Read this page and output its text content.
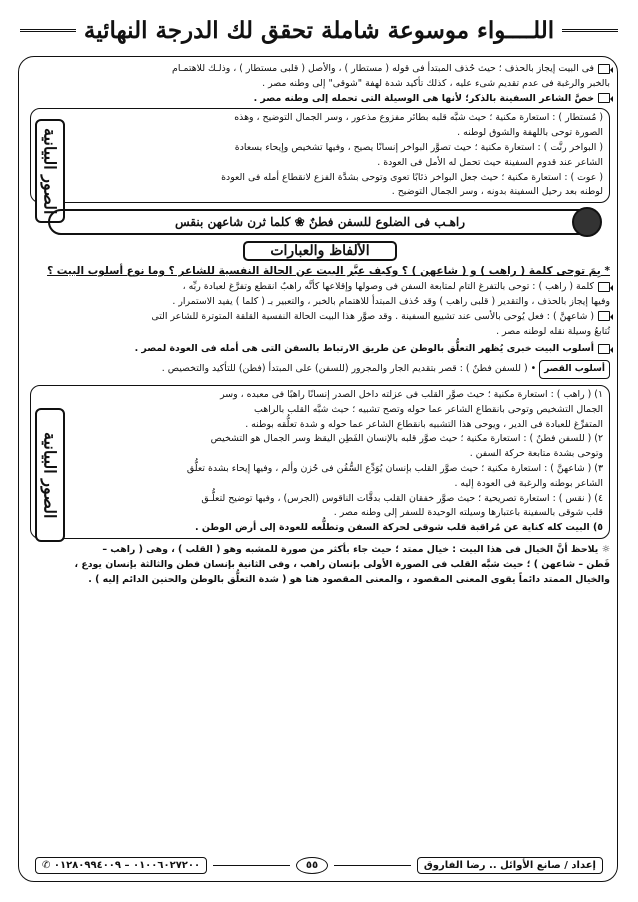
اللــــواء موسوعة شاملة تحقق لك الدرجة النهائية

فى البيت إيجاز بالحذف ؛ حيث حُذف المبتدأ فى قوله ( مستطار ) ، والأصل ( قلبى مستطار ) ، وذلـك للاهتمـام

بالخبر والرغبة فى عدم تقديم شىء عليه ، كذلك تأكيد شدة لهفة "شوقى" إلى وطنه مصر .

خصَّ الشاعر السفينة بالذكر؛ لأنها هى الوسيلة التى تحمله إلى وطنه مصر .

( مُستطار ) : استعارة مكنية ؛ حيث شبَّه قلبه بطائر مفزوع مذعور ، وسر الجمال التوضيح ، وهذه

الصورة توحى باللهفة والشوق لوطنه .

( البواخر رنَّت ) : استعارة مكنية ؛ حيث تصوَّر البواخر إنسانًا يصيح ، وفيها تشخيص وإيحاء بسعادة

الشاعر عند قدوم السفينة حيث تحمل له الأمل فى العودة .

( عوت ) : استعارة مكنية ؛ حيث جعل البواخر ذئابًا تعوى وتوحى بشدَّة الفزع لانقطاع أمله فى العودة

لوطنه بعد رحيل السفينة بدونه ، وسر الجمال التوضيح .

الصور البيانية
راهـب فى الضلوع للسفن فطنٌ ❀ كلما ثرن شاعهن بنقس
الألفاظ والعبارات

* بِمَ توحى كلمة ( راهب ) و ( شاعهن ) ؟ وكيف عبَّر البيت عن الحالة النفسية للشاعر ؟ وما نوع أسلوب البيت ؟

كلمة ( راهب ) : توحى بالتفرغ التام لمتابعة السفن فى وصولها وإقلاعها كأنَّه راهبٌ انقطع وتفرَّغ لعبادة ربِّه ،

وفيها إيجاز بالحذف ، والتقدير ( قلبى راهب ) وقد حُذف المبتدأ للاهتمام بالخبر ، والتعبير بـ ( كلما ) يفيد الاستمرار .

( شاعهنَّ ) : فعل يُوحى بالأسى عند تشييع السفينة . وقد صوَّر هذا البيت الحالة النفسية القلقة المتوترة للشاعر التى

تُتابعُ وسيلة نقله لوطنه مصر .

أسلوب البيت خبرى يُظهر التعلُّق بالوطن عن طريق الارتباط بالسفن التى هى أمله فى العودة لمصر .

أسلوب القصر • ( للسفن فطنٌ ) : قصر بتقديم الجار والمجرور (للسفن) على المبتدأ (فطن) للتأكيد والتخصيص .

١) ( راهب ) : استعارة مكنية ؛ حيث صوَّر القلب فى عزلته داخل الصدر إنسانًا راهبًا فى معبده ، وسر

الجمال التشخيص وتوحى بانقطاع الشاعر عما حوله وتصح تشبيه ؛ حيث شبَّه القلب بالراهب

المتفرِّغ للعبادة فى الدير ، ويوحى هذا التشبيه بانقطاع الشاعر عما حوله و شدة تعلُّقه بوطنه .

٢) ( للسفن فطنٌ ) : استعارة مكنية ؛ حيث صوَّر قلبه بالإنسان الفَطِن اليقظ وسر الجمال هو التشخيص

وتوحى بشدة متابعة حركة السفن .

٣) ( شاعهنَّ ) : استعارة مكنية ؛ حيث صوَّر القلب بإنسان يُوَدِّع السُّفُن فى حُزن وألم ، وفيها إيحاء بشدة تعلُّق

الشاعر بوطنه والرغبة فى العودة إليه .

٤) ( نقس ) : استعارة تصريحية ؛ حيث صوَّر خفقان القلب بدقَّات الناقوس (الجرس) ، وفيها توضيح لتعلُّـق

قلب شوقى بالسفينة باعتبارها وسيلته الوحيدة للسفر إلى وطنه مصر .

٥) البيت كله كناية عن مُراقبة قلب شوقى لحركة السفن وتطلُّعه للعودة إلى أرض الوطن .

الصور البيانية

☼ يلاحظ أنَّ الخيال فى هذا البيت : خيال ممتد ؛ حيث جاء بأكثر من صورة للمشبه وهو ( القلب ) ، وهى ( راهب –

فَطن – شاعهن ) ؛ حيث شبَّه القلب فى الصورة الأولى بإنسان راهب ، وفى الثانية بإنسان فطن والثالثة بإنسان يودع ،

والخيال الممتد دائماً يقوى المعنى المقصود ، والمعنى المقصود هنا هو ( شدة التعلُّق بالوطن والحنين الدائم إليه ) .

إعداد / صانع الأوائل .. رضا الفاروق
٥٥
٠١٠٠٦٠٢٧٢٠٠ – ٠١٢٨٠٩٩٤٠٠٩ ✆
